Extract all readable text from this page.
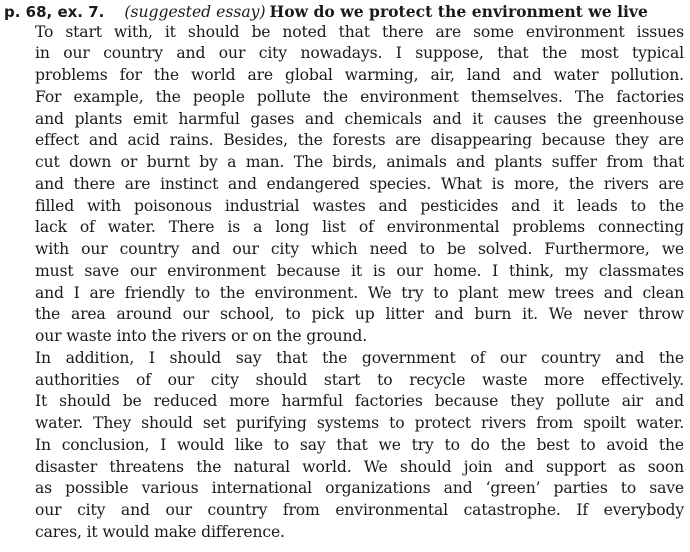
p. 68, ex. 7. (suggested essay) How do we protect the environment we live
To start with, it should be noted that there are some environment issues
in our country and our city nowadays. I suppose, that the most typical
problems for the world are global warming, air, land and water pollution.
For example, the people pollute the environment themselves. The factories
and plants emit harmful gases and chemicals and it causes the greenhouse
effect and acid rains. Besides, the forests are disappearing because they are
cut down or burnt by a man. The birds, animals and plants suffer from that
and there are instinct and endangered species. What is more, the rivers are
filled with poisonous industrial wastes and pesticides and it leads to the
lack of water. There is a long list of environmental problems connecting
with our country and our city which need to be solved. Furthermore, we
must save our environment because it is our home. I think, my classmates
and I are friendly to the environment. We try to plant mew trees and clean
the area around our school, to pick up litter and burn it. We never throw
our waste into the rivers or on the ground.
In addition, I should say that the government of our country and the
authorities of our city should start to recycle waste more effectively.
It should be reduced more harmful factories because they pollute air and
water. They should set purifying systems to protect rivers from spoilt water.
In conclusion, I would like to say that we try to do the best to avoid the
disaster threatens the natural world. We should join and support as soon
as possible various international organizations and ‘green’ parties to save
our city and our country from environmental catastrophe. If everybody
cares, it would make difference.
